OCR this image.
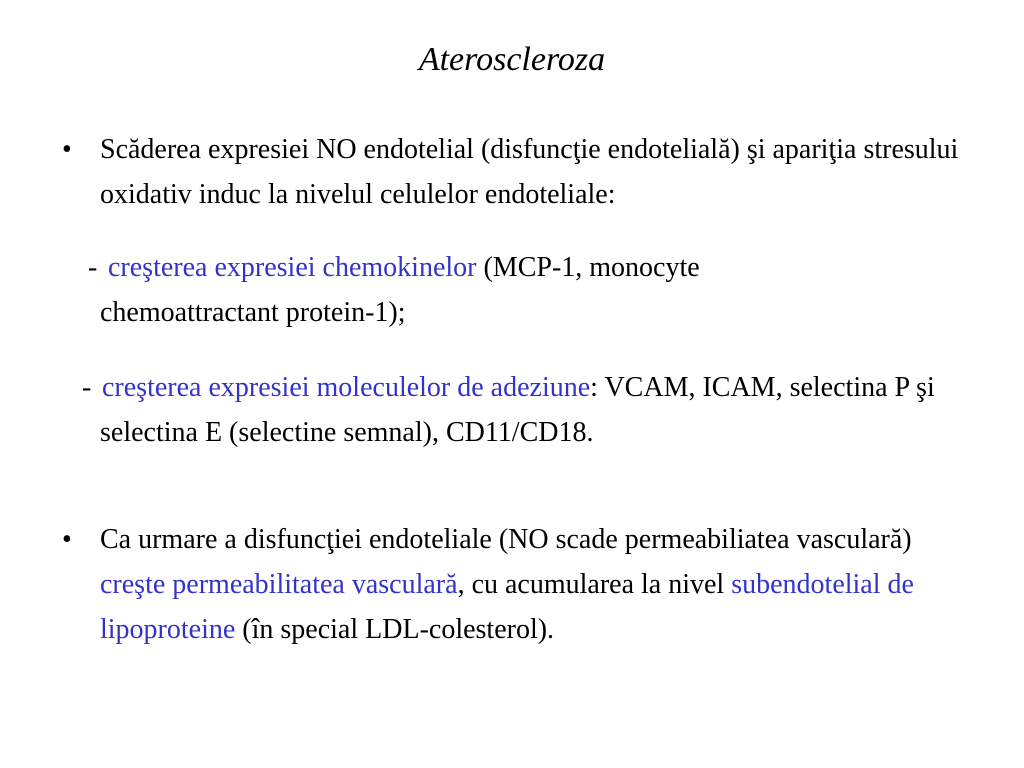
Ateroscleroza
• Scăderea expresiei NO endotelial (disfuncţie endotelială) şi apariţia stresului oxidativ induc la nivelul celulelor endoteliale:
- creşterea expresiei chemokinelor (MCP-1, monocyte chemoattractant protein-1);
- creşterea expresiei moleculelor de adeziune: VCAM, ICAM, selectina P şi selectina E (selectine semnal), CD11/CD18.
• Ca urmare a disfuncţiei endoteliale (NO scade permeabiliatea vasculară) creşte permeabilitatea vasculară, cu acumularea la nivel subendotelial de lipoproteine (în special LDL-colesterol).
